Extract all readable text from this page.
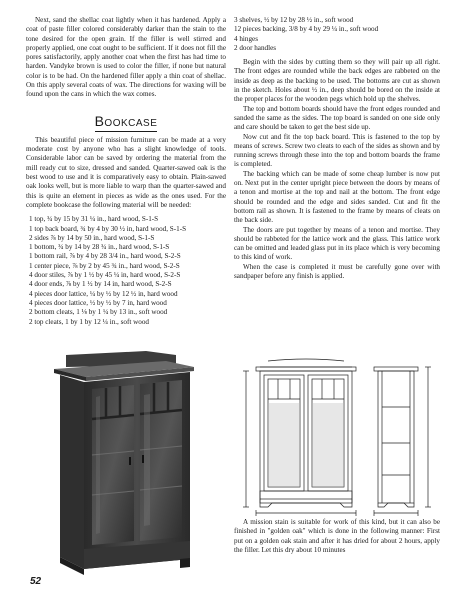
Next, sand the shellac coat lightly when it has hardened. Apply a coat of paste filler colored considerably darker than the stain to the tone desired for the open grain. If the filler is well stirred and properly applied, one coat ought to be sufficient. If it does not fill the pores satisfactorily, apply another coat when the first has had time to harden. Vandyke brown is used to color the filler, if none but natural color is to be had. On the hardened filler apply a thin coat of shellac. On this apply several coats of wax. The directions for waxing will be found upon the cans in which the wax comes.

Bookcase

This beautiful piece of mission furniture can be made at a very moderate cost by anyone who has a slight knowledge of tools. Considerable labor can be saved by ordering the material from the mill ready cut to size, dressed and sanded. Quarter-sawed oak is the best wood to use and it is comparatively easy to obtain. Plain-sawed oak looks well, but is more liable to warp than the quarter-sawed and this is quite an element in pieces as wide as the ones used. For the complete bookcase the following material will be needed:

1 top, ¾ by 15 by 31 ¼ in., hard wood, S-1-S
1 top back board, ¾ by 4 by 30 ½ in, hard wood, S-1-S
2 sides ⅞ by 14 by 50 in., hard wood, S-1-S
1 bottom, ¾ by 14 by 28 ¾ in., hard wood, S-1-S
1 bottom rail, ⅞ by 4 by 28 3/4 in., hard wood, S-2-S
1 center piece, ⅞ by 2 by 45 ¾ in., hard wood, S-2-S
4 door stiles, ⅞ by 1 ½ by 45 ¼ in, hard wood, S-2-S
4 door ends, ⅞ by 1 ½ by 14 in, hard wood, S-2-S
4 pieces door lattice, ¼ by ½ by 12 ½ in, hard wood
4 pieces door lattice, ½ by ½ by 7 in, hard wood
2 bottom cleats, 1 ⅛ by 1 ¼ by 13 in., soft wood
2 top cleats, 1 by 1 by 12 ¼ in., soft wood
3 shelves, ½ by 12 by 28 ½ in., soft wood
12 pieces backing, 3/8 by 4 by 29 ¼ in., soft wood
4 hinges
2 door handles

Begin with the sides by cutting them so they will pair up all right. The front edges are rounded while the back edges are rabbeted on the inside as deep as the backing to be used. The bottoms are cut as shown in the sketch. Holes about ½ in., deep should be bored on the inside at the proper places for the wooden pegs which hold up the shelves.

The top and bottom boards should have the front edges rounded and sanded the same as the sides. The top board is sanded on one side only and care should be taken to get the best side up.

Now cut and fit the top back board. This is fastened to the top by means of screws. Screw two cleats to each of the sides as shown and by running screws through these into the top and bottom boards the frame is completed.

The backing which can be made of some cheap lumber is now put on. Next put in the center upright piece between the doors by means of a tenon and mortise at the top and nail at the bottom. The front edge should be rounded and the edge and sides sanded. Cut and fit the bottom rail as shown. It is fastened to the frame by means of cleats on the back side.

The doors are put together by means of a tenon and mortise. They should be rabbeted for the lattice work and the glass. This lattice work can be omitted and leaded glass put in its place which is very becoming to this kind of work.

When the case is completed it must be carefully gone over with sandpaper before any finish is applied.

A mission stain is suitable for work of this kind, but it can also be finished in "golden oak" which is done in the following manner: First put on a golden oak stain and after it has dried for about 2 hours, apply the filler. Let this dry about 10 minutes

52
